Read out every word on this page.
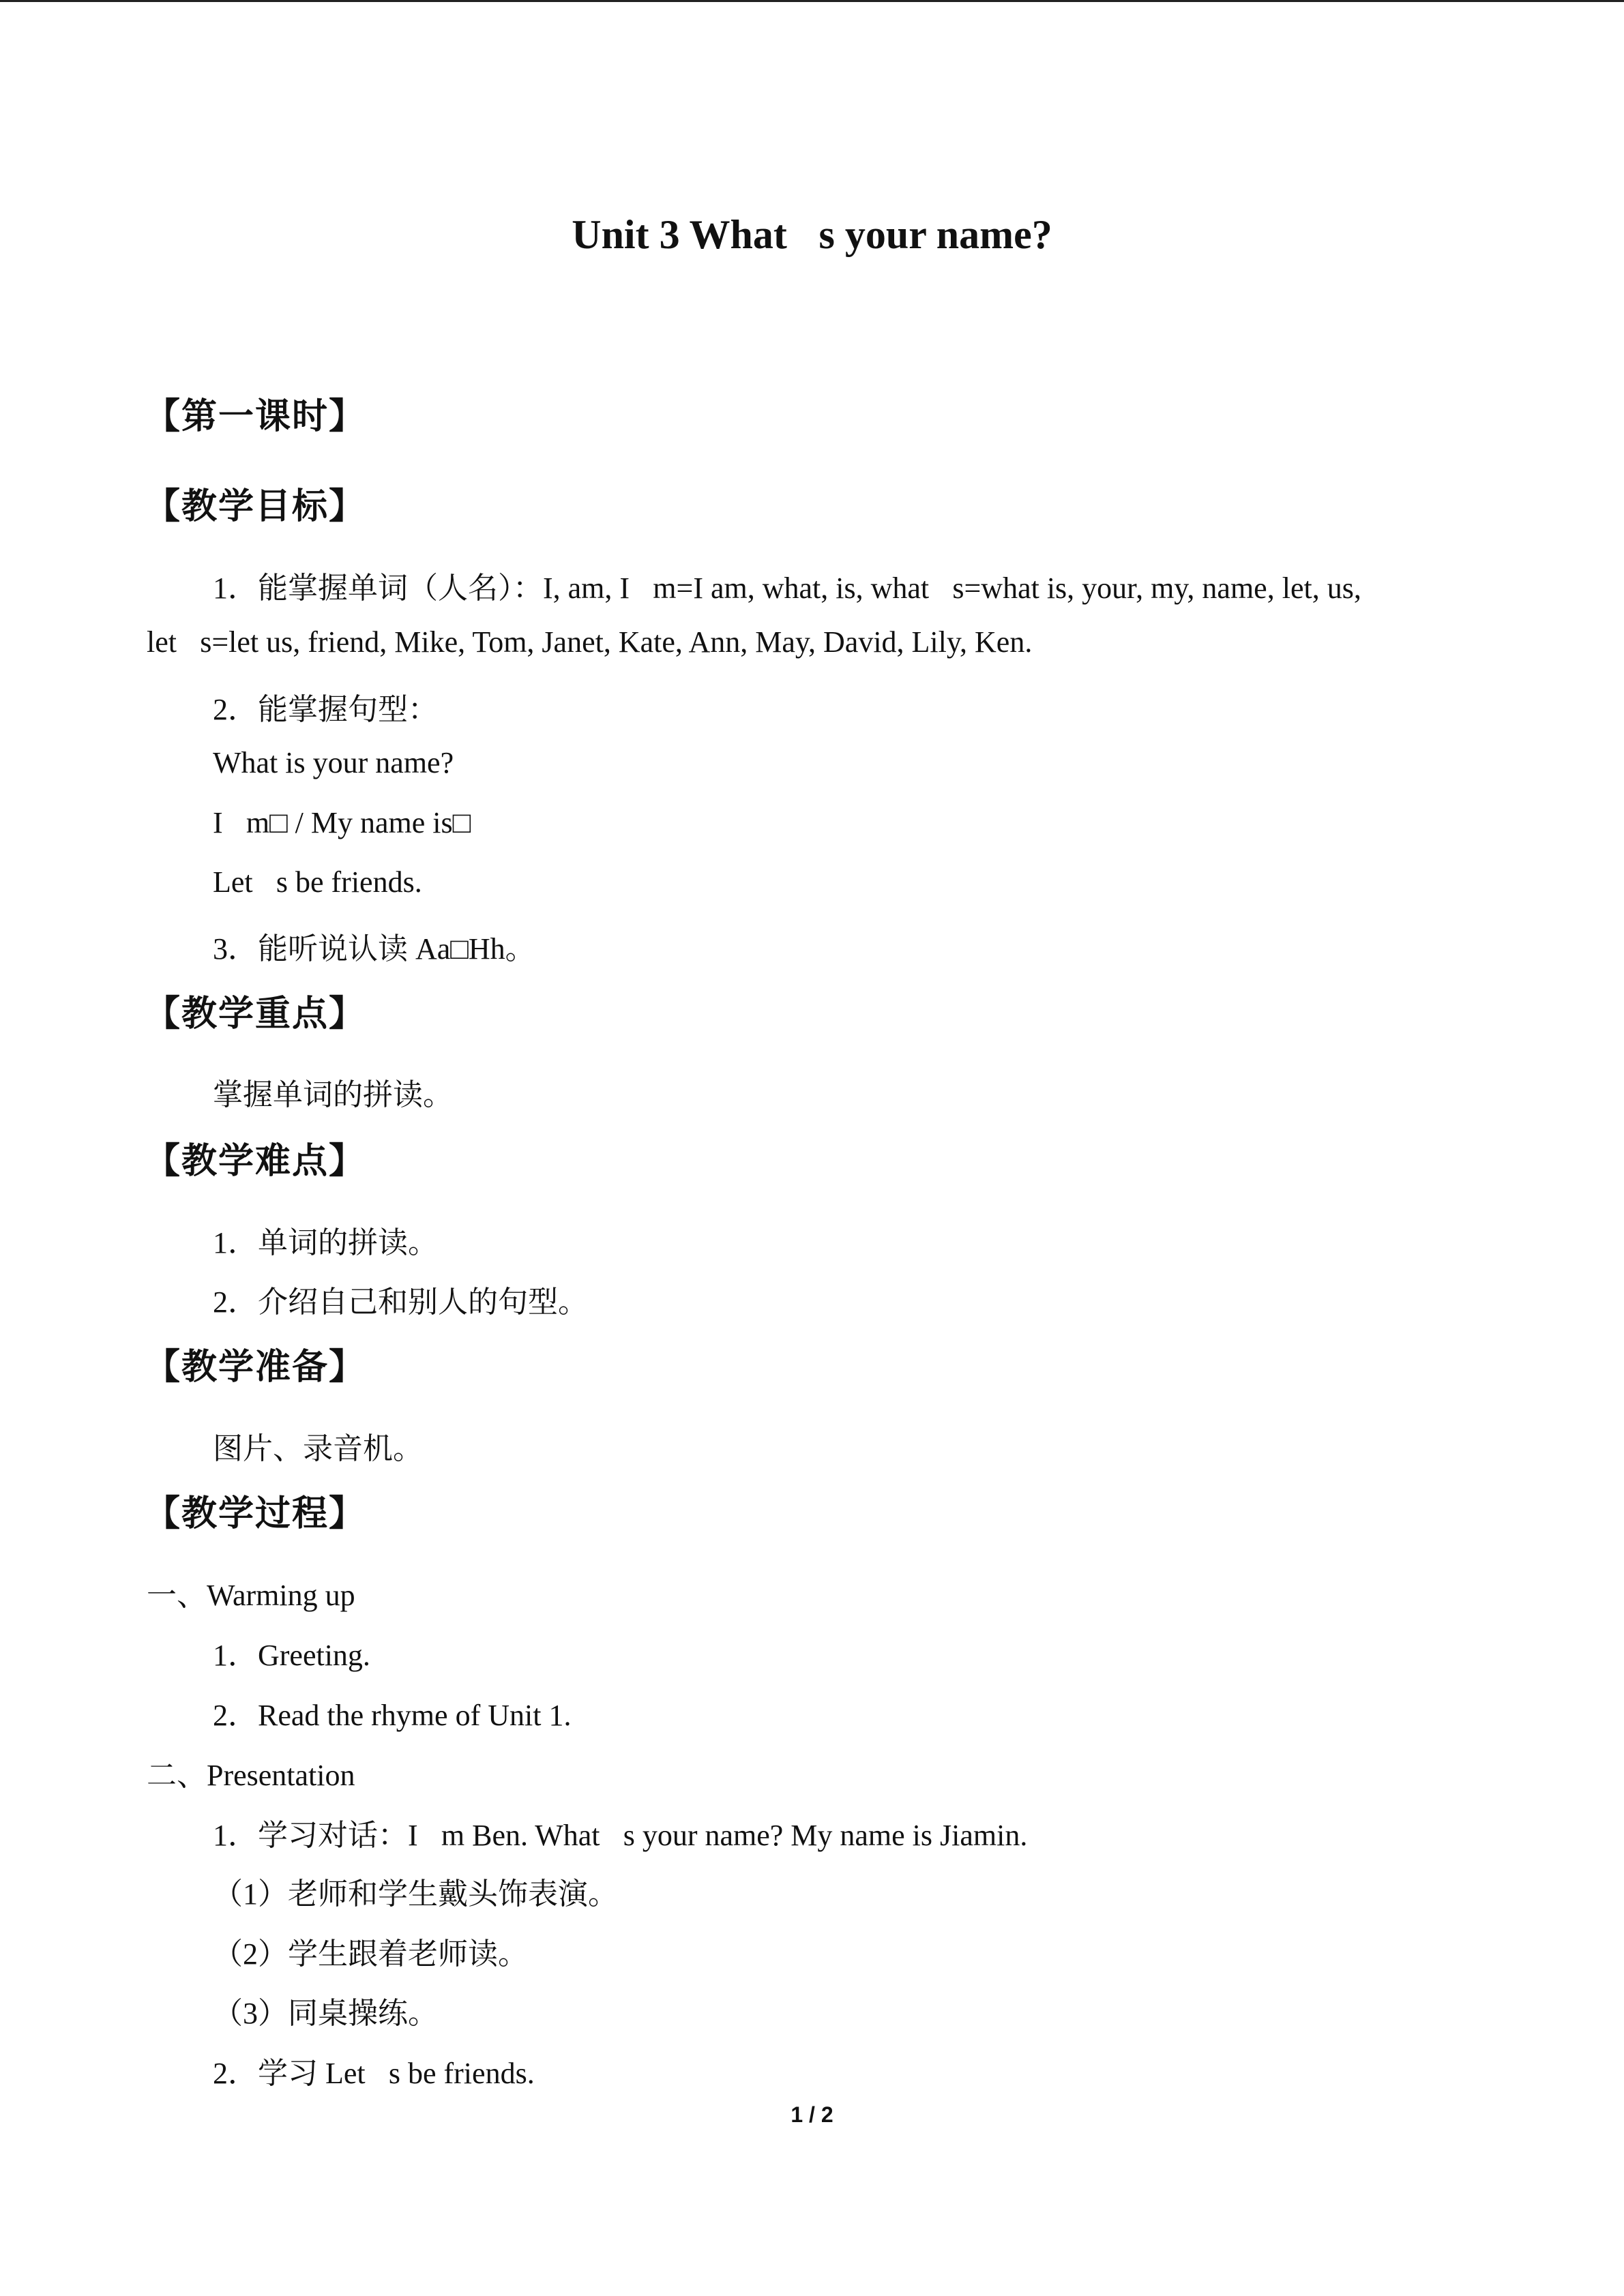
Unit 3 What s your name?
【第一课时】
【教学目标】
1．能掌握单词（人名）：I, am, I m=I am, what, is, what s=what is, your, my, name, let, us,
let s=let us, friend, Mike, Tom, Janet, Kate, Ann, May, David, Lily, Ken.
2．能掌握句型：
What is your name?
I m□ / My name is□
Let s be friends.
3．能听说认读 Aa□Hh。
【教学重点】
掌握单词的拼读。
【教学难点】
1．单词的拼读。
2．介绍自己和别人的句型。
【教学准备】
图片、录音机。
【教学过程】
一、Warming up
1．Greeting.
2．Read the rhyme of Unit 1.
二、Presentation
1．学习对话：I m Ben. What s your name? My name is Jiamin.
（1）老师和学生戴头饰表演。
（2）学生跟着老师读。
（3）同桌操练。
2．学习 Let s be friends.
1 / 2
